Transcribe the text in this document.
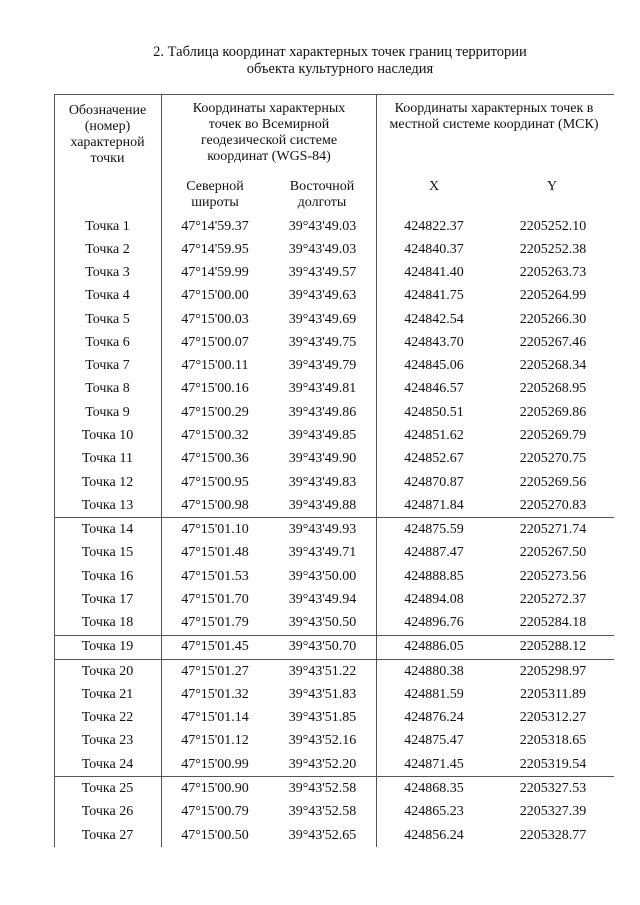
2. Таблица координат характерных точек границ территории
объекта культурного наследия
Обозначение (номер) характерной точки
Координаты характерных точек во Всемирной геодезической системе координат (WGS-84)
Координаты характерных точек в местной системе координат (МСК)
Северной широты
Восточной долготы
X	Y
Точка 1	47°14'59.37	39°43'49.03	424822.37	2205252.10
Точка 2	47°14'59.95	39°43'49.03	424840.37	2205252.38
Точка 3	47°14'59.99	39°43'49.57	424841.40	2205263.73
Точка 4	47°15'00.00	39°43'49.63	424841.75	2205264.99
Точка 5	47°15'00.03	39°43'49.69	424842.54	2205266.30
Точка 6	47°15'00.07	39°43'49.75	424843.70	2205267.46
Точка 7	47°15'00.11	39°43'49.79	424845.06	2205268.34
Точка 8	47°15'00.16	39°43'49.81	424846.57	2205268.95
Точка 9	47°15'00.29	39°43'49.86	424850.51	2205269.86
Точка 10	47°15'00.32	39°43'49.85	424851.62	2205269.79
Точка 11	47°15'00.36	39°43'49.90	424852.67	2205270.75
Точка 12	47°15'00.95	39°43'49.83	424870.87	2205269.56
Точка 13	47°15'00.98	39°43'49.88	424871.84	2205270.83
Точка 14	47°15'01.10	39°43'49.93	424875.59	2205271.74
Точка 15	47°15'01.48	39°43'49.71	424887.47	2205267.50
Точка 16	47°15'01.53	39°43'50.00	424888.85	2205273.56
Точка 17	47°15'01.70	39°43'49.94	424894.08	2205272.37
Точка 18	47°15'01.79	39°43'50.50	424896.76	2205284.18
Точка 19	47°15'01.45	39°43'50.70	424886.05	2205288.12
Точка 20	47°15'01.27	39°43'51.22	424880.38	2205298.97
Точка 21	47°15'01.32	39°43'51.83	424881.59	2205311.89
Точка 22	47°15'01.14	39°43'51.85	424876.24	2205312.27
Точка 23	47°15'01.12	39°43'52.16	424875.47	2205318.65
Точка 24	47°15'00.99	39°43'52.20	424871.45	2205319.54
Точка 25	47°15'00.90	39°43'52.58	424868.35	2205327.53
Точка 26	47°15'00.79	39°43'52.58	424865.23	2205327.39
Точка 27	47°15'00.50	39°43'52.65	424856.24	2205328.77
